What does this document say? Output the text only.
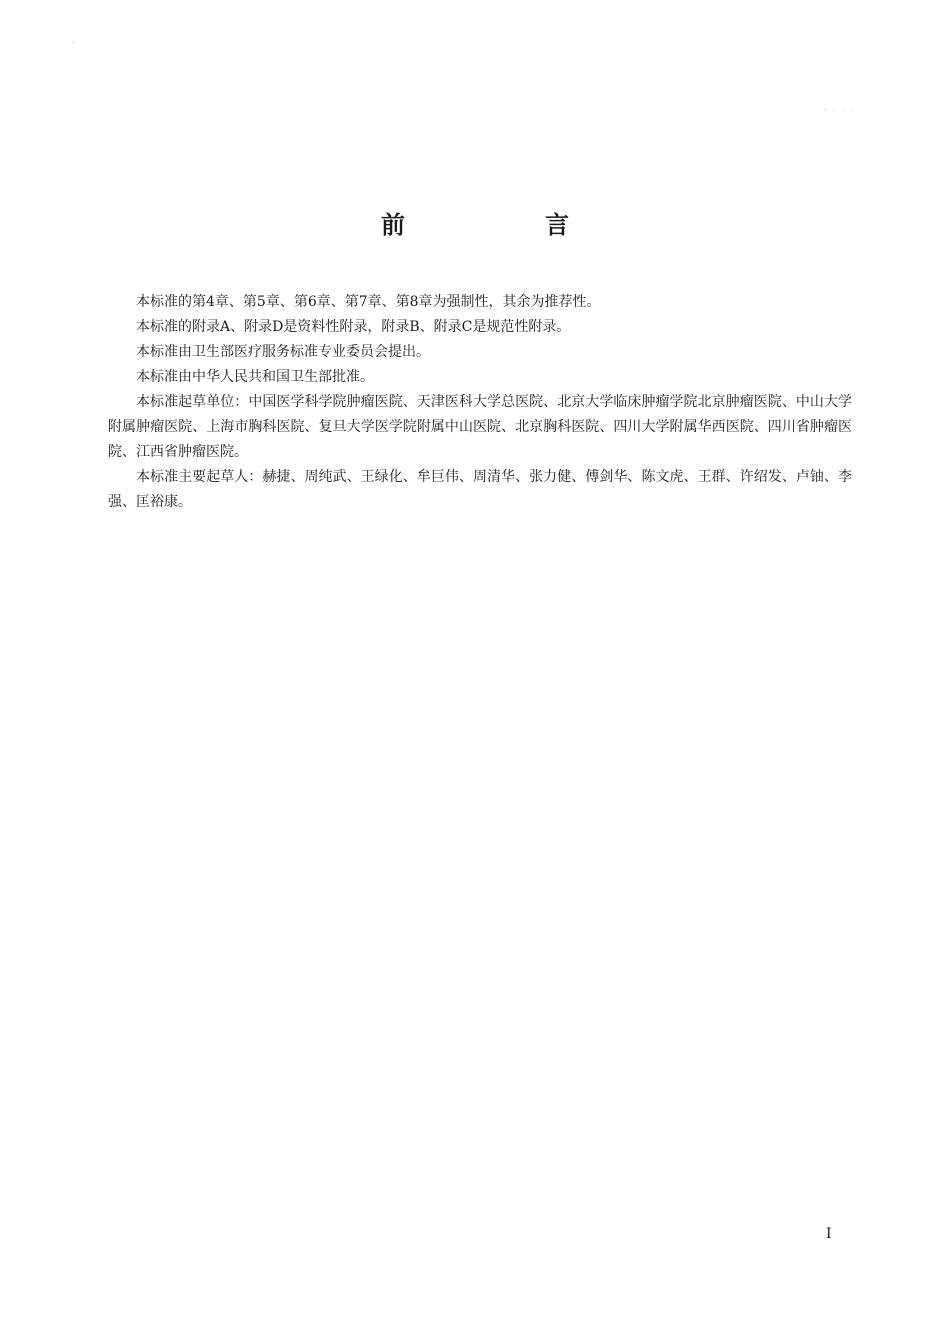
·
· · · ·
前　言

本标准的第4章、第5章、第6章、第7章、第8章为强制性，其余为推荐性。

本标准的附录A、附录D是资料性附录，附录B、附录C是规范性附录。

本标准由卫生部医疗服务标准专业委员会提出。

本标准由中华人民共和国卫生部批准。

本标准起草单位：中国医学科学院肿瘤医院、天津医科大学总医院、北京大学临床肿瘤学院北京肿瘤医院、中山大学附属肿瘤医院、上海市胸科医院、复旦大学医学院附属中山医院、北京胸科医院、四川大学附属华西医院、四川省肿瘤医院、江西省肿瘤医院。

本标准主要起草人：赫捷、周纯武、王绿化、牟巨伟、周清华、张力健、傅剑华、陈文虎、王群、许绍发、卢铀、李强、匡裕康。

I
